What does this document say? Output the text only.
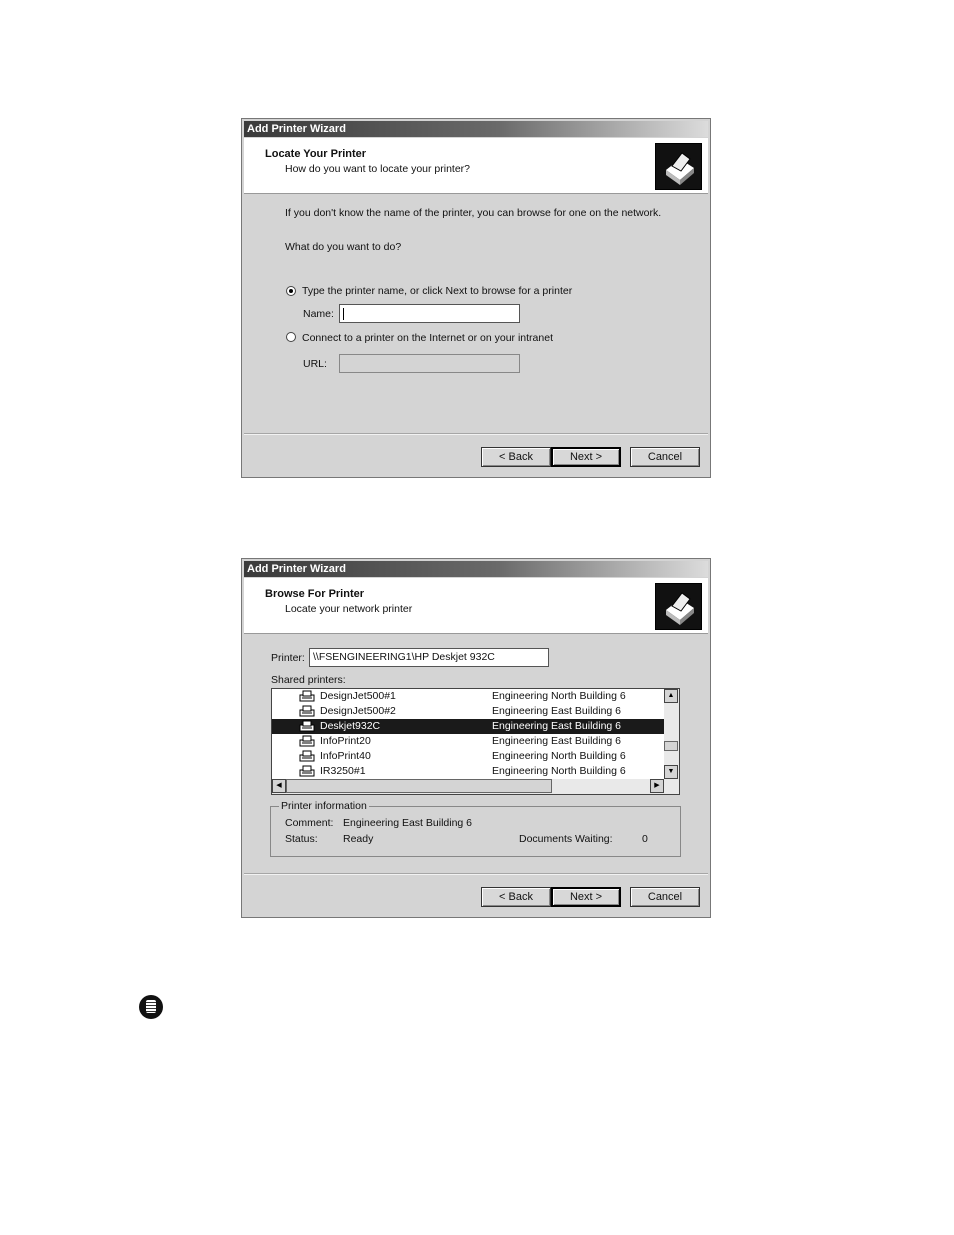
Add Printer Wizard
Locate Your Printer
How do you want to locate your printer?
If you don't know the name of the printer, you can browse for one on the network.
What do you want to do?
Type the printer name, or click Next to browse for a printer
Name:
Connect to a printer on the Internet or on your intranet
URL:
< Back	Next >	Cancel
Add Printer Wizard
Browse For Printer
Locate your network printer
Printer: \\FSENGINEERING1\HP Deskjet 932C
Shared printers:
DesignJet500#1	Engineering North Building 6
DesignJet500#2	Engineering East Building 6
Deskjet932C	Engineering East Building 6
InfoPrint20	Engineering East Building 6
InfoPrint40	Engineering North Building 6
IR3250#1	Engineering North Building 6
▲
▼
◀	▶
Printer information
Comment: Engineering East Building 6
Status: Ready	Documents Waiting:	0
< Back	Next >	Cancel
